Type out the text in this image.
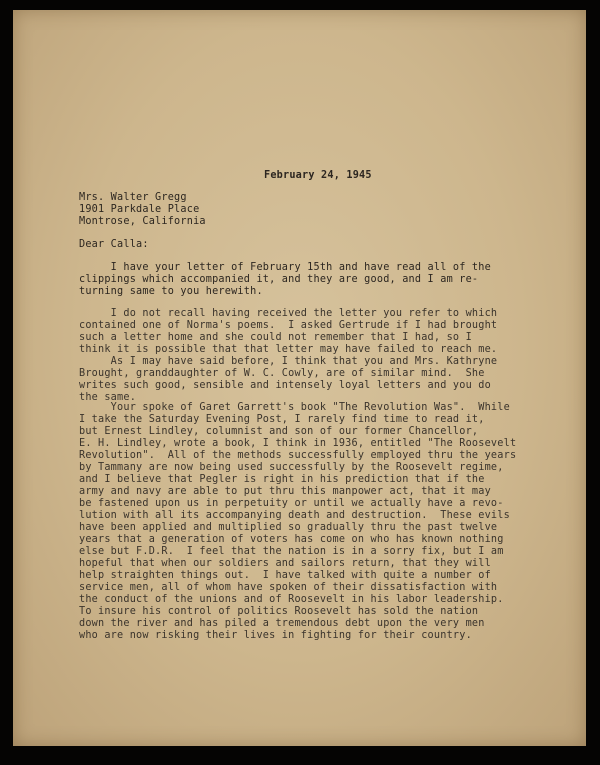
February 24, 1945

Mrs. Walter Gregg

1901 Parkdale Place

Montrose, California

Dear Calla:

I have your letter of February 15th and have read all of the
clippings which accompanied it, and they are good, and I am re-
turning same to you herewith.

I do not recall having received the letter you refer to which
contained one of Norma's poems.  I asked Gertrude if I had brought
such a letter home and she could not remember that I had, so I
think it is possible that that letter may have failed to reach me.

As I may have said before, I think that you and Mrs. Kathryne
Brought, granddaughter of W. C. Cowly, are of similar mind.  She
writes such good, sensible and intensely loyal letters and you do
the same.

Your spoke of Garet Garrett's book "The Revolution Was".  While
I take the Saturday Evening Post, I rarely find time to read it,
but Ernest Lindley, columnist and son of our former Chancellor,
E. H. Lindley, wrote a book, I think in 1936, entitled "The Roosevelt
Revolution".  All of the methods successfully employed thru the years
by Tammany are now being used successfully by the Roosevelt regime,
and I believe that Pegler is right in his prediction that if the
army and navy are able to put thru this manpower act, that it may
be fastened upon us in perpetuity or until we actually have a revo-
lution with all its accompanying death and destruction.  These evils
have been applied and multiplied so gradually thru the past twelve
years that a generation of voters has come on who has known nothing
else but F.D.R.  I feel that the nation is in a sorry fix, but I am
hopeful that when our soldiers and sailors return, that they will
help straighten things out.  I have talked with quite a number of
service men, all of whom have spoken of their dissatisfaction with
the conduct of the unions and of Roosevelt in his labor leadership.
To insure his control of politics Roosevelt has sold the nation
down the river and has piled a tremendous debt upon the very men
who are now risking their lives in fighting for their country.
